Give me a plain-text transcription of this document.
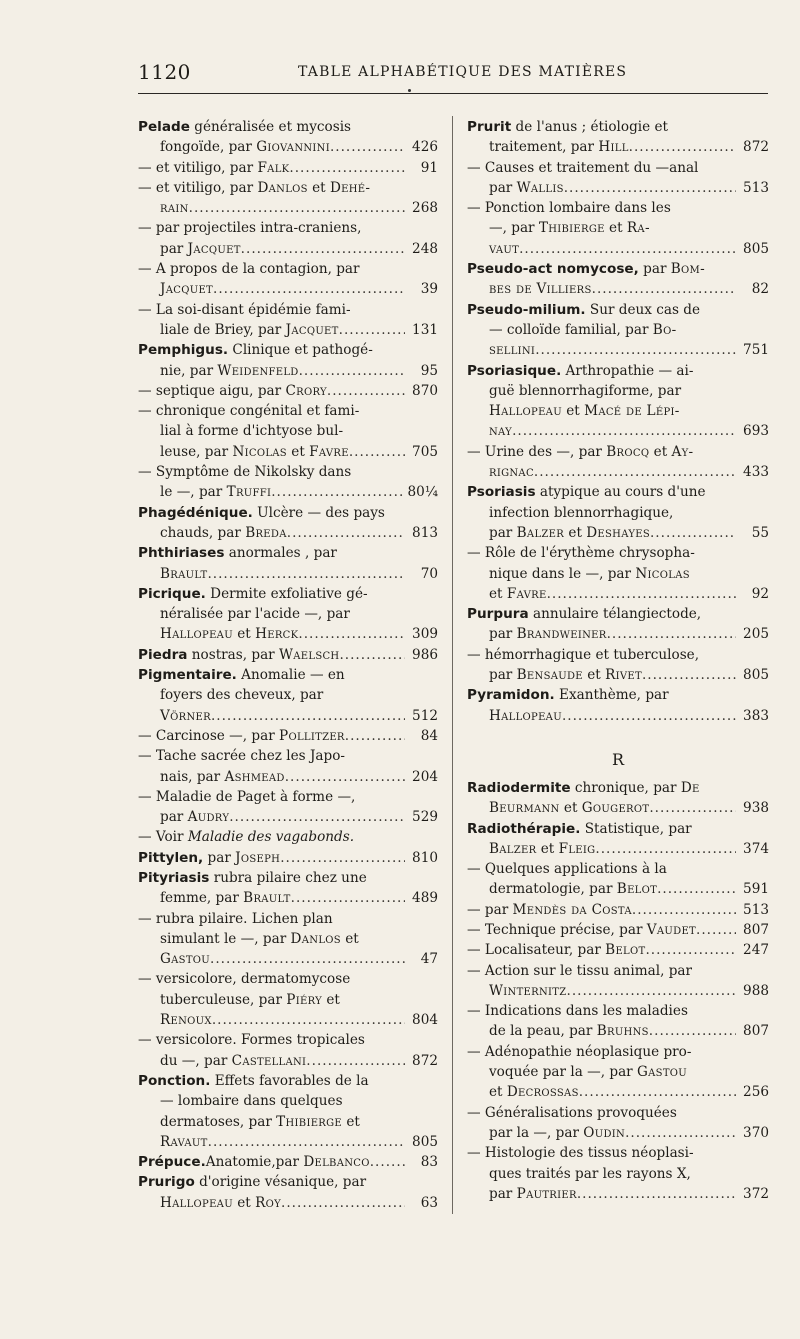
1120	TABLE ALPHABÉTIQUE DES MATIÈRES
Pelade généralisée et mycosis
fongoïde, par Giovannini .....	426
— et vitiligo, par Falk .....	91
— et vitiligo, par Danlos et Dehé-
rain .....	268
— par projectiles intra-craniens,
par Jacquet .....	248
— A propos de la contagion, par
Jacquet .....	39
— La soi-disant épidémie fami-
liale de Briey, par Jacquet .....	131
Pemphigus. Clinique et pathogé-
nie, par Weidenfeld .....	95
— septique aigu, par Crory .....	870
— chronique congénital et fami-
lial à forme d'ichtyose bul-
leuse, par Nicolas et Favre .....	705
— Symptôme de Nikolsky dans
le —, par Truffi .....	80¼
Phagédénique. Ulcère — des pays
chauds, par Breda .....	813
Phthiriases anormales , par
Brault .....	70
Picrique. Dermite exfoliative gé-
néralisée par l'acide —, par
Hallopeau et Herck .....	309
Piedra nostras, par Waelsch .....	986
Pigmentaire. Anomalie — en
foyers des cheveux, par
Vörner .....	512
— Carcinose —, par Pollitzer .....	84
— Tache sacrée chez les Japo-
nais, par Ashmead .....	204
— Maladie de Paget à forme —,
par Audry .....	529
— Voir Maladie des vagabonds.
Pittylen, par Joseph .....	810
Pityriasis rubra pilaire chez une
femme, par Brault .....	489
— rubra pilaire. Lichen plan
simulant le —, par Danlos et
Gastou .....	47
— versicolore, dermatomycose
tuberculeuse, par Piéry et
Renoux .....	804
— versicolore. Formes tropicales
du —, par Castellani .....	872
Ponction. Effets favorables de la
— lombaire dans quelques
dermatoses, par Thibierge et
Ravaut .....	805
Prépuce.Anatomie,par Delbanco .....	83
Prurigo d'origine vésanique, par
Hallopeau et Roy .....	63
Prurit de l'anus ; étiologie et
traitement, par Hill .....	872
— Causes et traitement du —anal
par Wallis .....	513
— Ponction lombaire dans les
—, par Thibierge et Ra-
vaut .....	805
Pseudo-act nomycose, par Bom-
bes de Villiers .....	82
Pseudo-milium. Sur deux cas de
— colloïde familial, par Bo-
sellini .....	751
Psoriasique. Arthropathie — ai-
guë blennorrhagiforme, par
Hallopeau et Macé de Lépi-
nay .....	693
— Urine des —, par Brocq et Ay-
rignac .....	433
Psoriasis atypique au cours d'une
infection blennorrhagique,
par Balzer et Deshayes .....	55
— Rôle de l'érythème chrysopha-
nique dans le —, par Nicolas
et Favre .....	92
Purpura annulaire télangiectode,
par Brandweiner .....	205
— hémorrhagique et tuberculose,
par Bensaude et Rivet .....	805
Pyramidon. Exanthème, par
Hallopeau .....	383
R
Radiodermite chronique, par De
Beurmann et Gougerot .....	938
Radiothérapie. Statistique, par
Balzer et Fleig .....	374
— Quelques applications à la
dermatologie, par Belot .....	591
— par Mendès da Costa .....	513
— Technique précise, par Vaudet .....	807
— Localisateur, par Belot .....	247
— Action sur le tissu animal, par
Winternitz .....	988
— Indications dans les maladies
de la peau, par Bruhns .....	807
— Adénopathie néoplasique pro-
voquée par la —, par Gastou
et Decrossas .....	256
— Généralisations provoquées
par la —, par Oudin .....	370
— Histologie des tissus néoplasi-
ques traités par les rayons X,
par Pautrier .....	372
